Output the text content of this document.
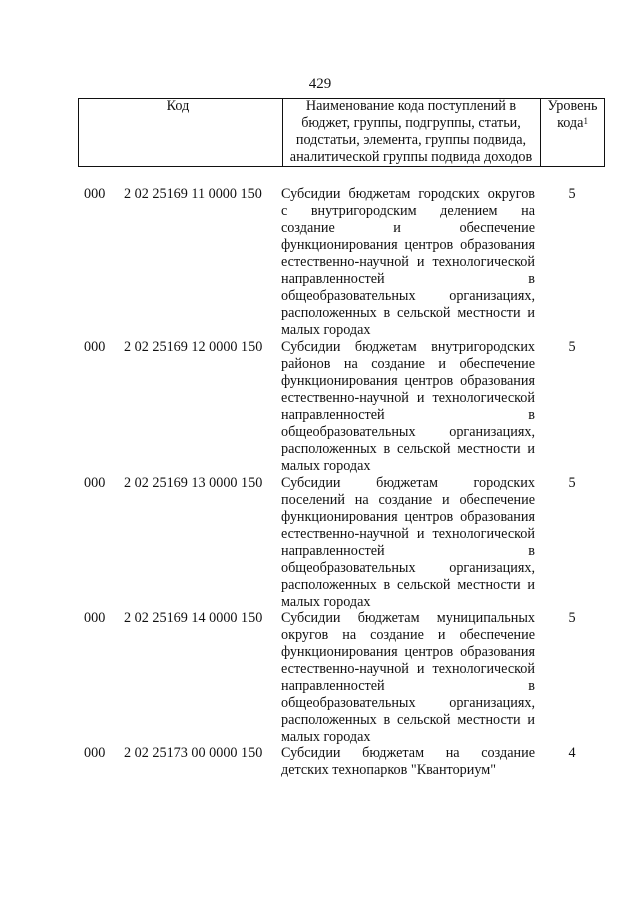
429
Код	Наименование кода поступлений в
бюджет, группы, подгруппы, статьи,
подстатьи, элемента, группы подвида,
аналитической группы подвида доходов
Уровень
кода$^1$
000	2 02 25169 11 0000 150	Субсидии бюджетам городских округов
с внутригородским делением на
создание и обеспечение
функционирования центров образования
естественно-научной и технологической
направленностей в
общеобразовательных организациях,
расположенных в сельской местности и
малых городах
5
000	2 02 25169 12 0000 150	Субсидии бюджетам внутригородских
районов на создание и обеспечение
функционирования центров образования
естественно-научной и технологической
направленностей в
общеобразовательных организациях,
расположенных в сельской местности и
малых городах
5
000	2 02 25169 13 0000 150	Субсидии бюджетам городских
поселений на создание и обеспечение
функционирования центров образования
естественно-научной и технологической
направленностей в
общеобразовательных организациях,
расположенных в сельской местности и
малых городах
5
000	2 02 25169 14 0000 150	Субсидии бюджетам муниципальных
округов на создание и обеспечение
функционирования центров образования
естественно-научной и технологической
направленностей в
общеобразовательных организациях,
расположенных в сельской местности и
малых городах
5
000	2 02 25173 00 0000 150	Субсидии бюджетам на создание
детских технопарков "Кванториум"
4
